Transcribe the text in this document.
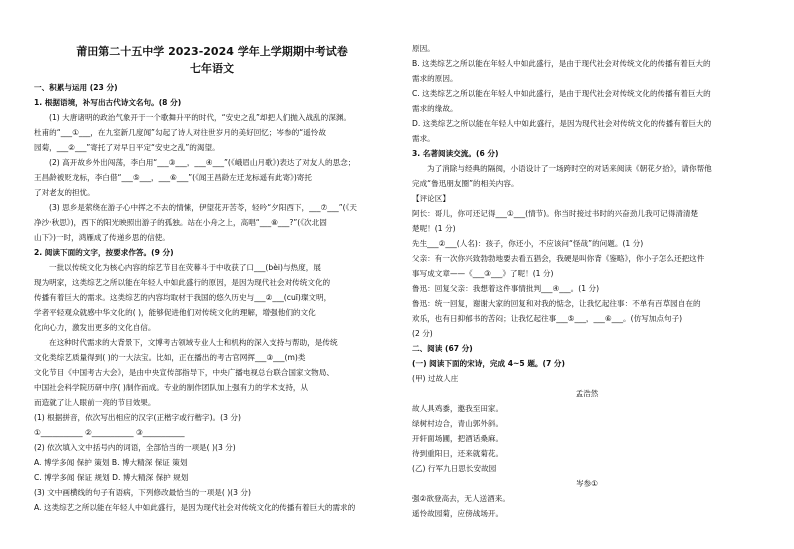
莆田第二十五中学 2023-2024 学年上学期期中考试卷
七年语文
一、积累与运用 (23 分)
1. 根据语境，补写出古代诗文名句。(8 分)
(1) 大唐诸明的政治气象开于一个歌舞升平的时代，“安史之乱”却把人们抛入战乱的深渊。
杜甫的“___①___，在九室新几度闻”勾起了诗人对往世岁月的美好回忆；岑参的“遥怜故
园菊，___②___”寄托了对早日平定“安史之乱”的渴望。
(2) 高开故乡外出闯荡，李白用“___③___，___④___”(《峨眉山月歌》)表达了对友人的思念；
王昌龄被贬龙标，李白借“___⑤___，___⑥___”(《闻王昌龄左迁龙标遥有此寄》)寄托
了对老友的担忧。
(3) 思乡是萦绕在游子心中挥之不去的情愫，伊望花开苦苓，轻吟“夕阳西下，___⑦___”(《天
净沙·秋思》)，西下的阳光映照出游子的孤独。站在小舟之上，高唱“___⑧___?”(《次北固
山下》)一时，鸿雁成了传递乡思的信使。
2. 阅读下面的文字，按要求作答。(9 分)
一批以传统文化为核心内容的综艺节目在荧幕斗于中收获了口___(bèi)与热度，展
现为明家，这类综艺之所以能在年轻人中如此盛行的原因，是因为现代社会对传统文化的
传播有着巨大的需求。这类综艺的内容均取材于我国的悠久历史与___②___(cuī)璨文明，
学者平轻观众就感中华文化的( )，能够促进他们对传统文化的理解，增强他们的文化
化向心力，激发出更多的文化自信。
在这种时代需求的大背景下，文博考古领域专业人士和机构的深入支持与帮助，是传统
文化类综艺质量得到( )的一大法宝。比如，正在播出的考古官网挥___③___(m)类
文化节目《中国考古大会》，是由中央宣传部指导下，中央广播电视总台联合国家文物局、
中国社会科学院历研中序( )制作而成。专业的制作团队加上强有力的学术支持，从
而造就了让人眼前一亮的节目效果。
(1) 根据拼音，依次写出相应的汉字(正楷字或行楷字)。(3 分)
①___________ ②___________ ③___________
(2) 依次填入文中括号内的词语，全部恰当的一项是( )(3 分)
A. 博学多闻 保护 策划 B. 博大精深 保证 策划
C. 博学多闻 保证 规划 D. 博大精深 保护 规划
(3) 文中画横线的句子有语病，下列修改最恰当的一项是( )(3 分)
A. 这类综艺之所以能在年轻人中如此盛行，是因为现代社会对传统文化的传播有着巨大的需求的
原因。
B. 这类综艺之所以能在年轻人中如此盛行，是由于现代社会对传统文化的传播有着巨大的
需求的原因。
C. 这类综艺之所以能在年轻人中如此盛行，是由于现代社会对传统文化的传播有着巨大的
需求的缘故。
D. 这类综艺之所以能在年轻人中如此盛行，是因为现代社会对传统文化的传播有着巨大的
需求。
3. 名著阅读交流。(6 分)
为了消除与经典的隔阂，小语设计了一场跨时空的对话来阅读《朝花夕拾》，请你帮他
完成“鲁迅朋友圈”的相关内容。
【评论区】
阿长：哥儿，你可还记得___①___(情节)。你当时接过书时的兴奋劲儿我可记得清清楚
楚呢！(1 分)
先生___②___(人名)：孩子，你还小，不应该问“怪哉”的问题。(1 分)
父亲：有一次你兴致勃勃地要去看五猖会，我硬是叫你背《鉴略》，你小子怎么还把这件
事写成文章——《___③___》了呢！(1 分)
鲁迅：回复父亲：我想着这件事情批判___④___。(1 分)
鲁迅：统一回复，谢谢大家的回复和对我的惦念，让我忆起往事：不单有百草园自在的
欢乐，也有日抑郁书的苦闷；让我忆起往事___⑤___，___⑥___。(仿写加点句子)
(2 分)
二、阅读 (67 分)
(一) 阅读下面的宋诗，完成 4~5 题。(7 分)
(甲) 过故人庄
孟浩然
故人具鸡黍，邀我至田家。
绿树村边合，青山郭外斜。
开轩面场圃，把酒话桑麻。
待到重阳日，还来就菊花。
(乙) 行军九日思长安故园
岑参①
强②欲登高去，无人送酒来。
遥怜故园菊，应傍战场开。
